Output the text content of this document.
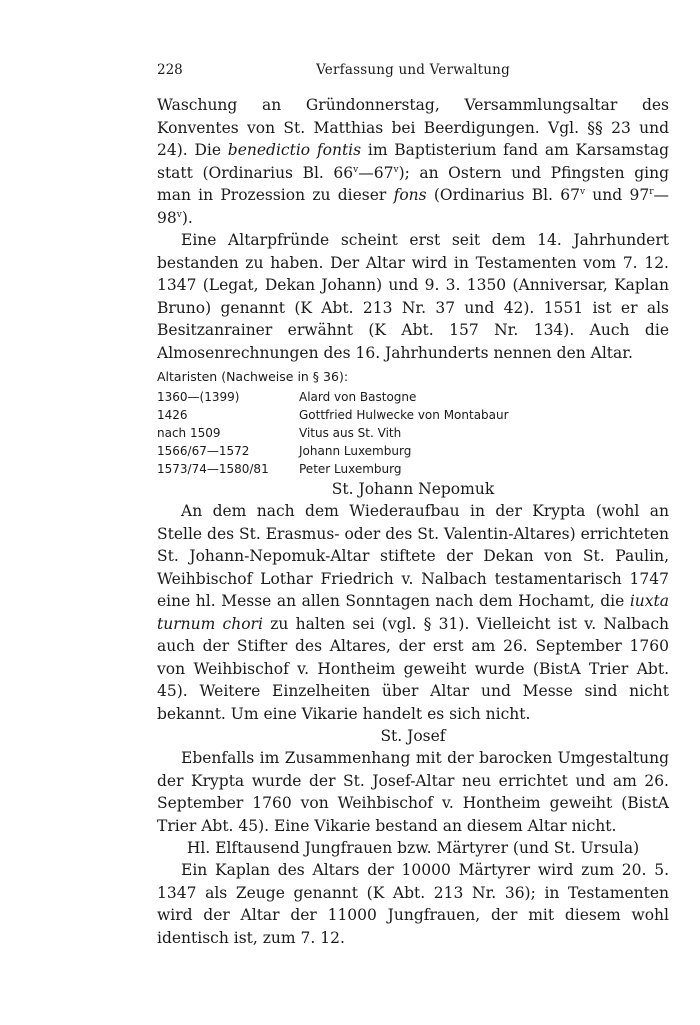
228	Verfassung und Verwaltung

Waschung an Gründonnerstag, Versammlungsaltar des Konventes von St. Matthias bei Beerdigungen. Vgl. §§ 23 und 24). Die benedictio fontis im Baptisterium fand am Karsamstag statt (Ordinarius Bl. 66$^v$—67$^v$); an Ostern und Pfingsten ging man in Prozession zu dieser fons (Ordinarius Bl. 67$^v$ und 97$^r$—98$^v$).

Eine Altarpfründe scheint erst seit dem 14. Jahrhundert bestanden zu haben. Der Altar wird in Testamenten vom 7. 12. 1347 (Legat, Dekan Johann) und 9. 3. 1350 (Anniversar, Kaplan Bruno) genannt (K Abt. 213 Nr. 37 und 42). 1551 ist er als Besitzanrainer erwähnt (K Abt. 157 Nr. 134). Auch die Almosenrechnungen des 16. Jahrhunderts nennen den Altar.

Altaristen (Nachweise in § 36):
1360—(1399)	Alard von Bastogne
1426	Gottfried Hulwecke von Montabaur
nach 1509	Vitus aus St. Vith
1566/67—1572	Johann Luxemburg
1573/74—1580/81	Peter Luxemburg
St. Johann Nepomuk

An dem nach dem Wiederaufbau in der Krypta (wohl an Stelle des St. Erasmus- oder des St. Valentin-Altares) errichteten St. Johann-Nepomuk-Altar stiftete der Dekan von St. Paulin, Weihbischof Lothar Friedrich v. Nalbach testamentarisch 1747 eine hl. Messe an allen Sonntagen nach dem Hochamt, die iuxta turnum chori zu halten sei (vgl. § 31). Vielleicht ist v. Nalbach auch der Stifter des Altares, der erst am 26. September 1760 von Weihbischof v. Hontheim geweiht wurde (BistA Trier Abt. 45). Weitere Einzelheiten über Altar und Messe sind nicht bekannt. Um eine Vikarie handelt es sich nicht.

St. Josef

Ebenfalls im Zusammenhang mit der barocken Umgestaltung der Krypta wurde der St. Josef-Altar neu errichtet und am 26. September 1760 von Weihbischof v. Hontheim geweiht (BistA Trier Abt. 45). Eine Vikarie bestand an diesem Altar nicht.

Hl. Elftausend Jungfrauen bzw. Märtyrer (und St. Ursula)

Ein Kaplan des Altars der 10000 Märtyrer wird zum 20. 5. 1347 als Zeuge genannt (K Abt. 213 Nr. 36); in Testamenten wird der Altar der 11000 Jungfrauen, der mit diesem wohl identisch ist, zum 7. 12.
